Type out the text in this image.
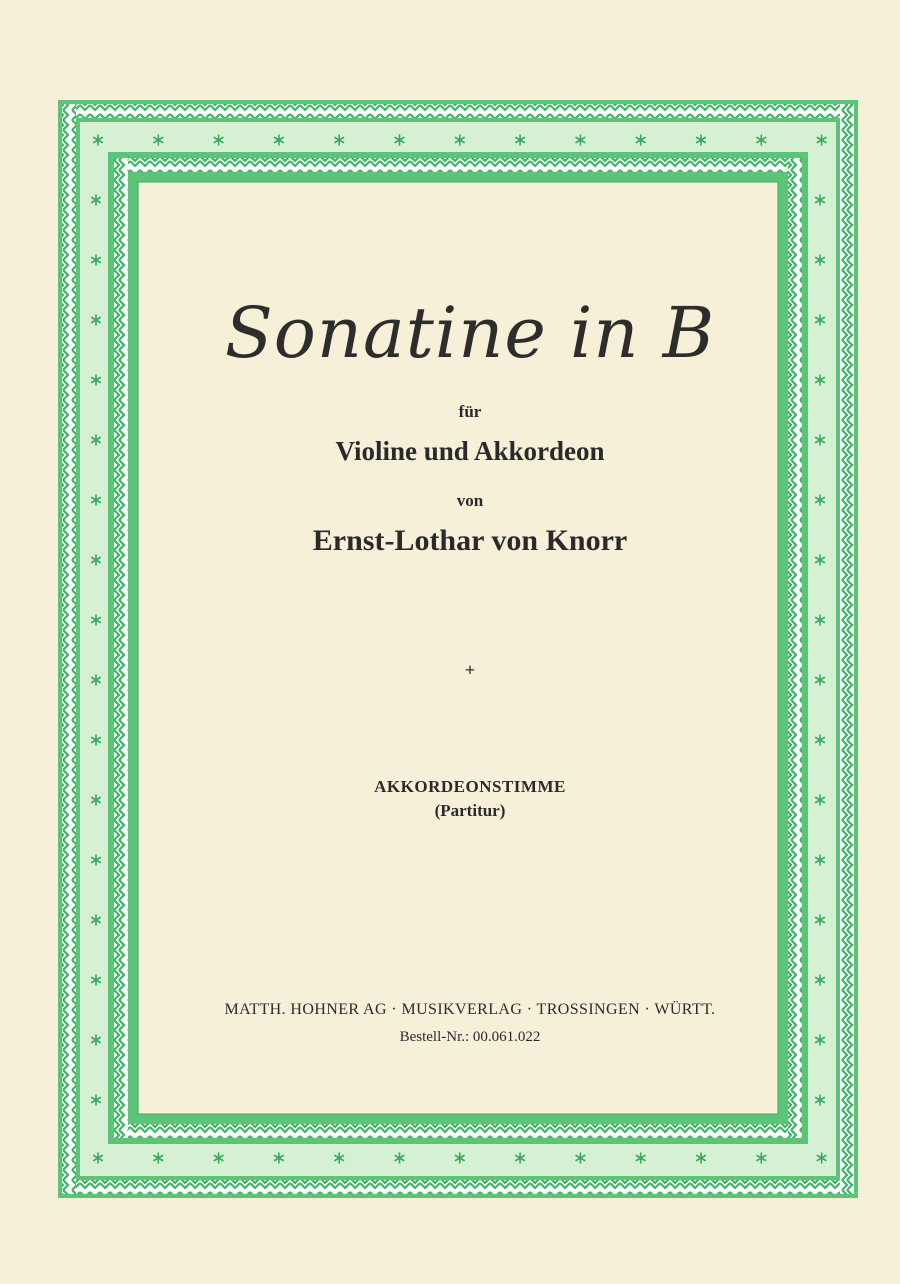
Sonatine in B
für
Violine und Akkordeon
von
Ernst-Lothar von Knorr
+
AKKORDEONSTIMME
(Partitur)
MATTH. HOHNER AG · MUSIKVERLAG · TROSSINGEN · WÜRTT.
Bestell-Nr.: 00.061.022
